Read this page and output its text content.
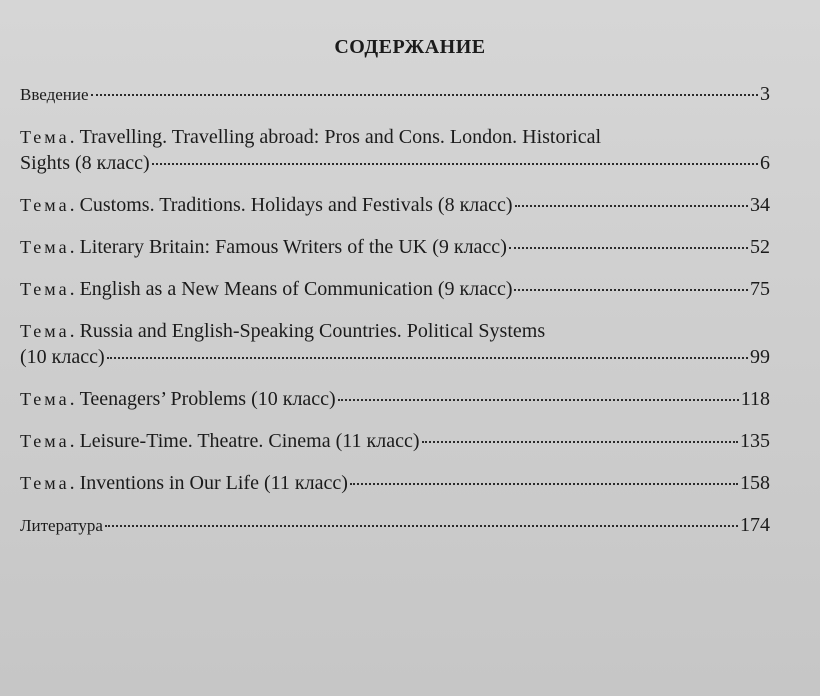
СОДЕРЖАНИЕ
Введение	3
Тема. Travelling. Travelling abroad: Pros and Cons. London. Historical
Sights (8 класс)	6
Тема . Customs. Traditions. Holidays and Festivals (8 класс)	34
Тема . Literary Britain: Famous Writers of the UK (9 класс)	52
Тема . English as a New Means of Communication (9 класс)	75
Тема. Russia and English-Speaking Countries. Political Systems
(10 класс)	99
Тема . Teenagers’ Problems (10 класс)	118
Тема . Leisure-Time. Theatre. Cinema (11 класс)	135
Тема . Inventions in Our Life (11 класс)	158
Литература	174
